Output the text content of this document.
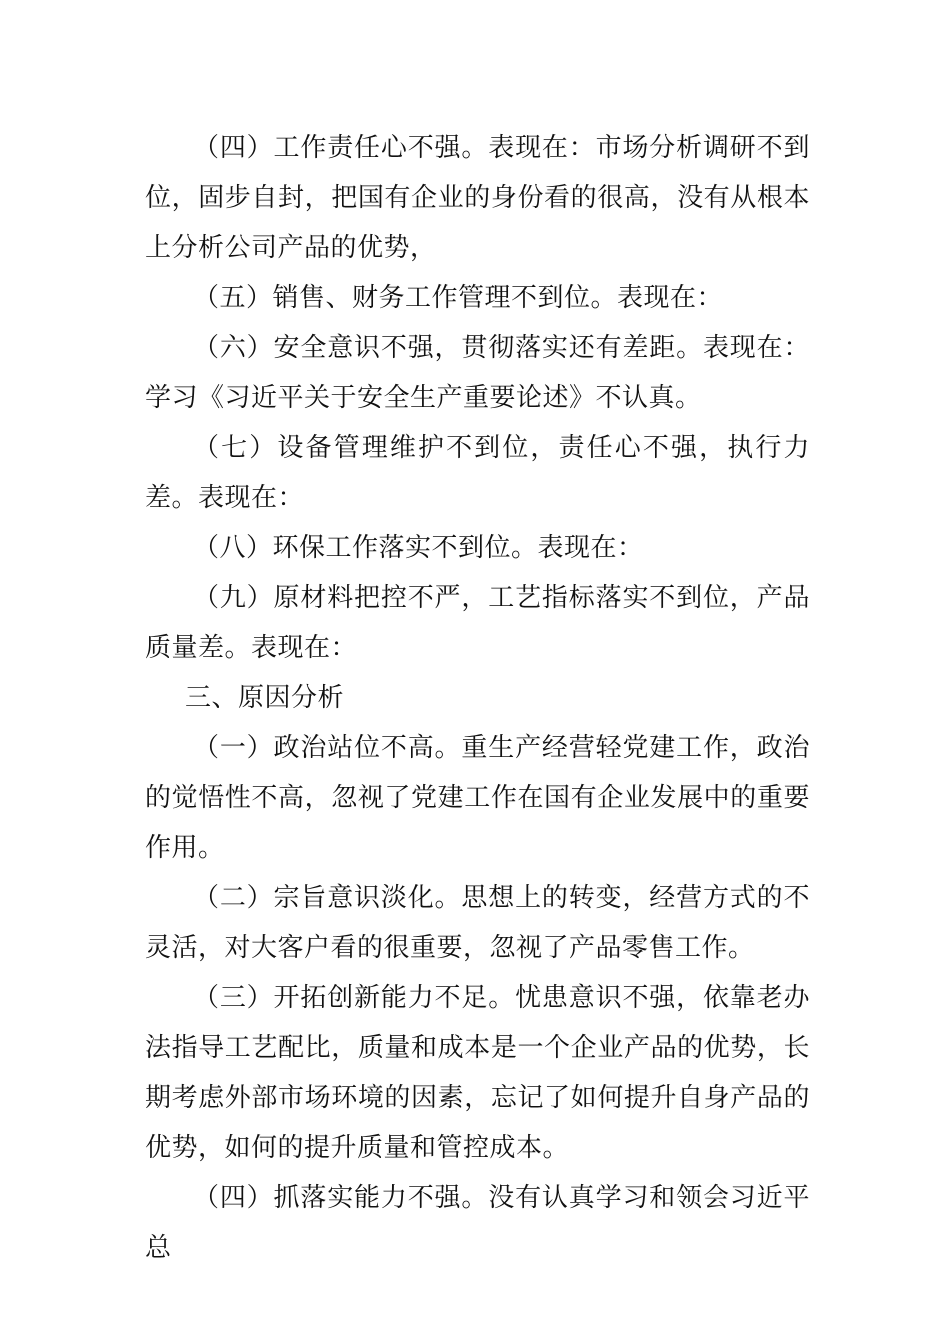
（四）工作责任心不强。表现在：市场分析调研不到位，固步自封，把国有企业的身份看的很高，没有从根本上分析公司产品的优势，

（五）销售、财务工作管理不到位。表现在：

（六）安全意识不强，贯彻落实还有差距。表现在：学习《习近平关于安全生产重要论述》不认真。

（七）设备管理维护不到位，责任心不强，执行力差。表现在：

（八）环保工作落实不到位。表现在：

（九）原材料把控不严，工艺指标落实不到位，产品质量差。表现在：

三、原因分析

（一）政治站位不高。重生产经营轻党建工作，政治的觉悟性不高，忽视了党建工作在国有企业发展中的重要作用。

（二）宗旨意识淡化。思想上的转变，经营方式的不灵活，对大客户看的很重要，忽视了产品零售工作。

（三）开拓创新能力不足。忧患意识不强，依靠老办法指导工艺配比，质量和成本是一个企业产品的优势，长期考虑外部市场环境的因素，忘记了如何提升自身产品的优势，如何的提升质量和管控成本。

（四）抓落实能力不强。没有认真学习和领会习近平总
